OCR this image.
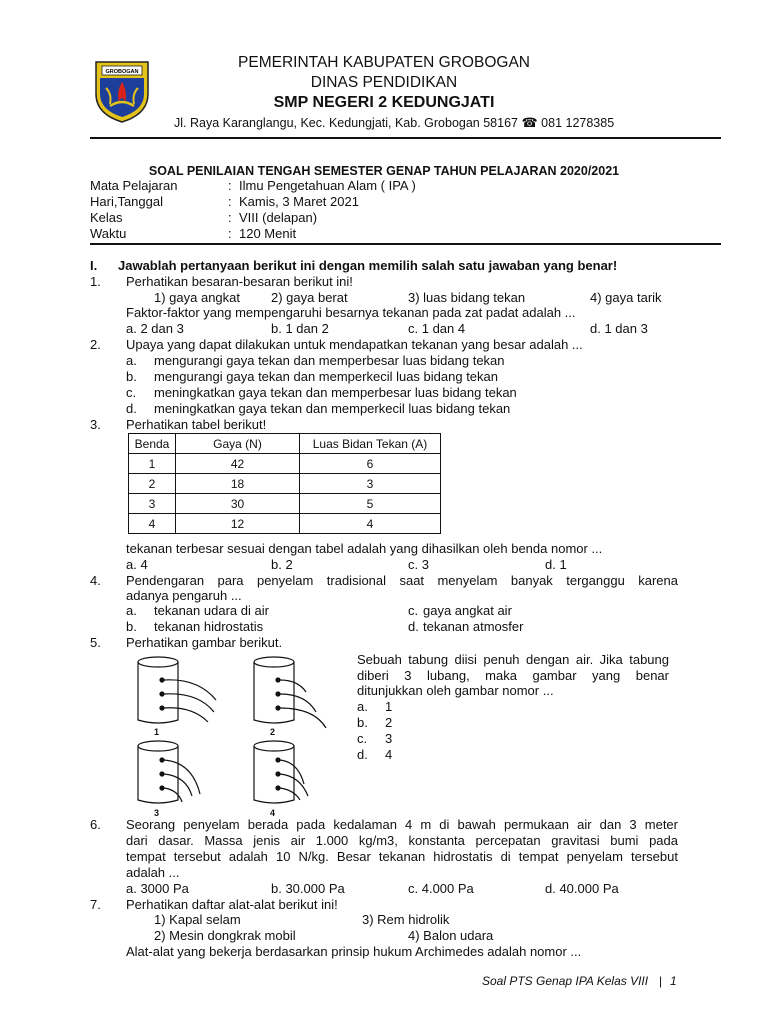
GROBOGAN
PEMERINTAH KABUPATEN GROBOGAN
DINAS PENDIDIKAN
SMP NEGERI 2 KEDUNGJATI
Jl. Raya Karanglangu, Kec. Kedungjati, Kab. Grobogan 58167 ☎ 081 1278385
SOAL PENILAIAN TENGAH SEMESTER GENAP TAHUN PELAJARAN 2020/2021
Mata Pelajaran	: Ilmu Pengetahuan Alam ( IPA )
Hari,Tanggal	: Kamis, 3 Maret 2021
Kelas	: VIII (delapan)
Waktu	: 120 Menit
I. Jawablah pertanyaan berikut ini dengan memilih salah satu jawaban yang benar!
1. Perhatikan besaran-besaran berikut ini!
1) gaya angkat 2) gaya berat	3) luas bidang tekan	4) gaya tarik
Faktor-faktor yang mempengaruhi besarnya tekanan pada zat padat adalah ...
a. 2 dan 3	b. 1 dan 2	c. 1 dan 4	d. 1 dan 3
2. Upaya yang dapat dilakukan untuk mendapatkan tekanan yang besar adalah ...
a. mengurangi gaya tekan dan memperbesar luas bidang tekan
b. mengurangi gaya tekan dan memperkecil luas bidang tekan
c. meningkatkan gaya tekan dan memperbesar luas bidang tekan
d. meningkatkan gaya tekan dan memperkecil luas bidang tekan
3. Perhatikan tabel berikut!
Benda	Gaya (N)	Luas Bidan Tekan (A)
1	42	6
2	18	3
3	30	5
4	12	4
tekanan terbesar sesuai dengan tabel adalah yang dihasilkan oleh benda nomor ...
a. 4	b. 2	c. 3	d. 1
4. Pendengaran para penyelam tradisional saat menyelam banyak terganggu karena
adanya pengaruh ...
a. tekanan udara di air	c. gaya angkat air
b. tekanan hidrostatis	d. tekanan atmosfer
5. Perhatikan gambar berikut.
1	2
3	4
Sebuah tabung diisi penuh dengan air. Jika tabung
diberi 3 lubang, maka gambar yang benar
ditunjukkan oleh gambar nomor ...
a. 1
b. 2
c. 3
d. 4
6. Seorang penyelam berada pada kedalaman 4 m di bawah permukaan air dan 3 meter
dari dasar. Massa jenis air 1.000 kg/m3, konstanta percepatan gravitasi bumi pada
tempat tersebut adalah 10 N/kg. Besar tekanan hidrostatis di tempat penyelam tersebut
adalah ...
a. 3000 Pa	b. 30.000 Pa	c. 4.000 Pa	d. 40.000 Pa
7. Perhatikan daftar alat-alat berikut ini!
1) Kapal selam	3) Rem hidrolik
2) Mesin dongkrak mobil	4) Balon udara
Alat-alat yang bekerja berdasarkan prinsip hukum Archimedes adalah nomor ...
Soal PTS Genap IPA Kelas VIII | 1
